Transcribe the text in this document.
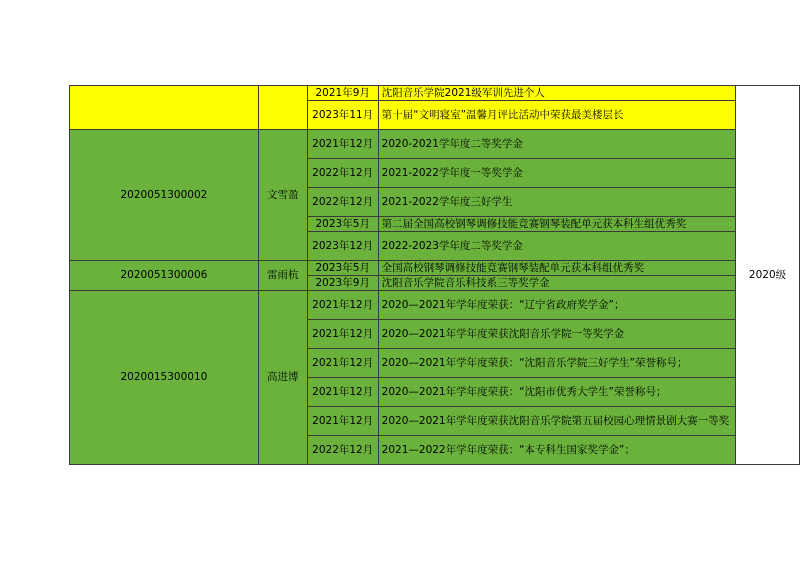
		2021年9月	沈阳音乐学院2021级军训先进个人	2020级
		2023年11月	第十届“文明寝室”温馨月评比活动中荣获最美楼层长	
2020051300002	文雪盈	2021年12月	2020-2021学年度二等奖学金	
		2022年12月	2021-2022学年度一等奖学金	
		2022年12月	2021-2022学年度三好学生	
		2023年5月	第二届全国高校钢琴调修技能竞赛钢琴装配单元获本科生组优秀奖	
		2023年12月	2022-2023学年度二等奖学金	
2020051300006	雷雨杭	2023年5月	全国高校钢琴调修技能竞赛钢琴装配单元获本科组优秀奖	
		2023年9月	沈阳音乐学院音乐科技系三等奖学金	
2020015300010	高进博	2021年12月	2020—2021年学年度荣获：“辽宁省政府奖学金”；	
		2021年12月	2020—2021年学年度荣获沈阳音乐学院一等奖学金	
		2021年12月	2020—2021年学年度荣获：“沈阳音乐学院三好学生”荣誉称号；	
		2021年12月	2020—2021年学年度荣获：“沈阳市优秀大学生”荣誉称号；	
		2021年12月	2020—2021年学年度荣获沈阳音乐学院第五届校园心理情景剧大赛一等奖	
		2022年12月	2021—2022年学年度荣获：“本专科生国家奖学金”；	
